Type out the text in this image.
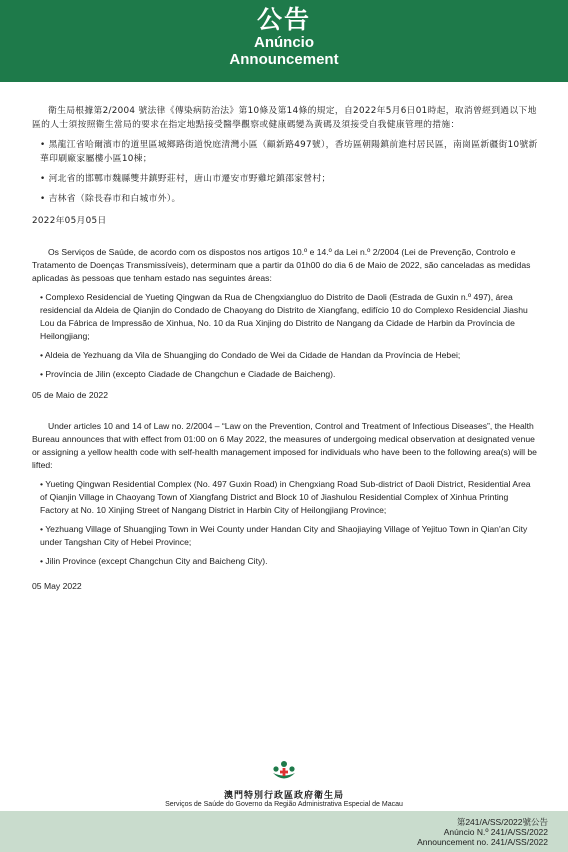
公告
Anúncio
Announcement

衛生局根據第2/2004 號法律《傳染病防治法》第10條及第14條的規定，自2022年5月6日01時起，取消曾經到過以下地區的人士須按照衛生當局的要求在指定地點接受醫學觀察或健康碼變為黃碼及須接受自我健康管理的措施：

• 黑龍江省哈爾濱市的道里區城鄉路街道悅庭清灣小區（顧新路497號），香坊區朝陽鎮前進村居民區，南崗區新疆街10號新華印刷廠家屬樓小區10棟；

• 河北省的邯鄲市魏縣雙井鎮野莊村，唐山市遷安市野雞坨鎮邵家營村；

• 吉林省（除長春市和白城市外）。

2022年05月05日

Os Serviços de Saúde, de acordo com os dispostos nos artigos 10.º e 14.º da Lei n.º 2/2004 (Lei de Prevenção, Controlo e Tratamento de Doenças Transmissíveis), determinam que a partir da 01h00 do dia 6 de Maio de 2022, são canceladas as medidas aplicadas às pessoas que tenham estado nas seguintes áreas:

• Complexo Residencial de Yueting Qingwan da Rua de Chengxiangluo do Distrito de Daoli (Estrada de Guxin n.º 497), área residencial da Aldeia de Qianjin do Condado de Chaoyang do Distrito de Xiangfang, edifício 10 do Complexo Residencial Jiashu Lou da Fábrica de Impressão de Xinhua, No. 10 da Rua Xinjing do Distrito de Nangang da Cidade de Harbin da Província de Heilongjiang;

• Aldeia de Yezhuang da Vila de Shuangjing do Condado de Wei da Cidade de Handan da Província de Hebei;

• Província de Jilin (excepto Ciadade de Changchun e Ciadade de Baicheng).

05 de Maio de 2022

Under articles 10 and 14 of Law no. 2/2004 – “Law on the Prevention, Control and Treatment of Infectious Diseases”, the Health Bureau announces that with effect from 01:00 on 6 May 2022, the measures of undergoing medical observation at designated venue or assigning a yellow health code with self-health management imposed for individuals who have been to the following area(s) will be lifted:

• Yueting Qingwan Residential Complex (No. 497 Guxin Road) in Chengxiang Road Sub-district of Daoli District, Residential Area of Qianjin Village in Chaoyang Town of Xiangfang District and Block 10 of Jiashulou Residential Complex of Xinhua Printing Factory at No. 10 Xinjing Street of Nangang District in Harbin City of Heilongjiang Province;

• Yezhuang Village of Shuangjing Town in Wei County under Handan City and Shaojiaying Village of Yejituo Town in Qian'an City under Tangshan City of Hebei Province;

• Jilin Province (except Changchun City and Baicheng City).

05 May 2022

澳門特別行政區政府衛生局
Serviços de Saúde do Governo da Região Administrativa Especial de Macau
第241/A/SS/2022號公告
Anúncio N.º 241/A/SS/2022
Announcement no. 241/A/SS/2022
